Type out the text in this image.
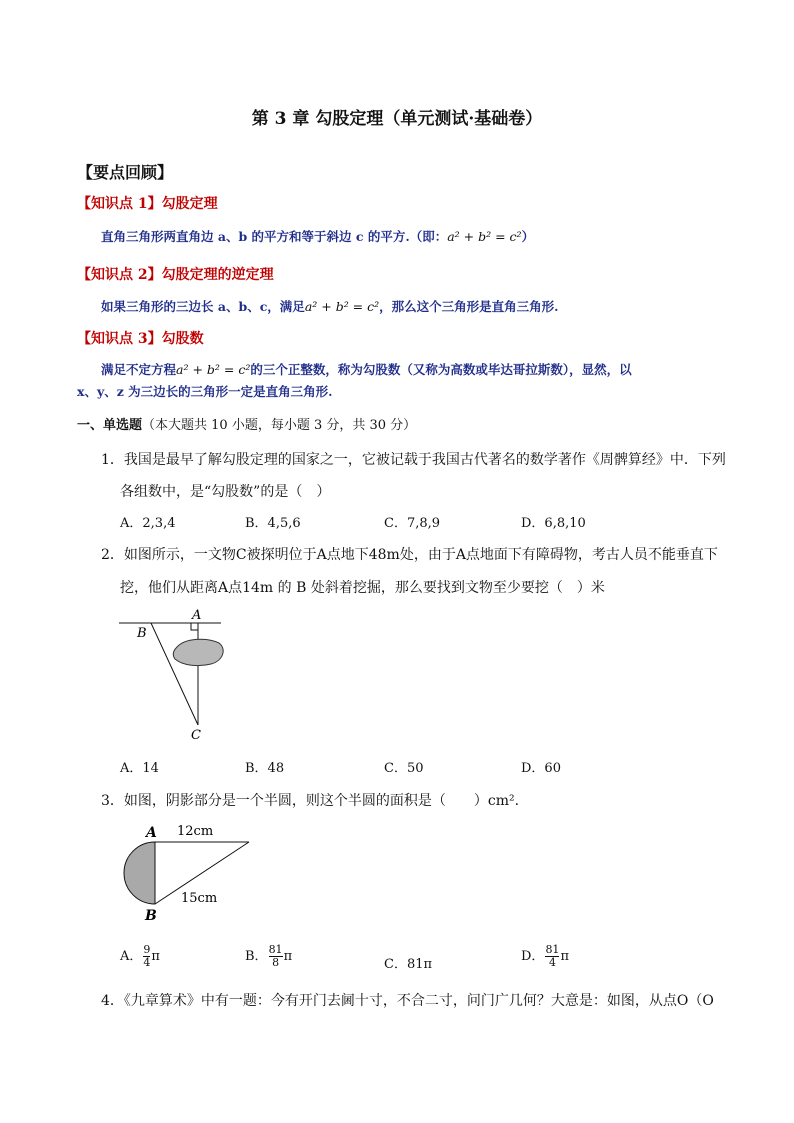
第 3 章 勾股定理（单元测试·基础卷）
【要点回顾】
【知识点 1】勾股定理
直角三角形两直角边 a、b 的平方和等于斜边 c 的平方.（即：a² + b² = c²）
【知识点 2】勾股定理的逆定理
如果三角形的三边长 a、b、c，满足a² + b² = c²，那么这个三角形是直角三角形.
【知识点 3】勾股数
满足不定方程a² + b² = c²的三个正整数，称为勾股数（又称为高数或毕达哥拉斯数），显然，以
x、y、z 为三边长的三角形一定是直角三角形.
一、单选题（本大题共 10 小题，每小题 3 分，共 30 分）
1．我国是最早了解勾股定理的国家之一，它被记载于我国古代著名的数学著作《周髀算经》中．下列
各组数中，是“勾股数”的是（　）
A．2,3,4	B．4,5,6	C．7,8,9	D．6,8,10
2．如图所示，一文物C被探明位于A点地下48m处，由于A点地面下有障碍物，考古人员不能垂直下
挖，他们从距离A点14m 的 B 处斜着挖掘，那么要找到文物至少要挖（　）米
A
B
C
A．14	B．48	C．50	D．60
3．如图，阴影部分是一个半圆，则这个半圆的面积是（　　）cm².
A
B
12cm
15cm
A． $\frac{9}{4}$ π	B． $\frac{81}{8}$ π
C．81π
D． $\frac{81}{4}$ π
4．《九章算术》中有一题：今有开门去阃十寸，不合二寸，问门广几何？大意是：如图，从点O（O
